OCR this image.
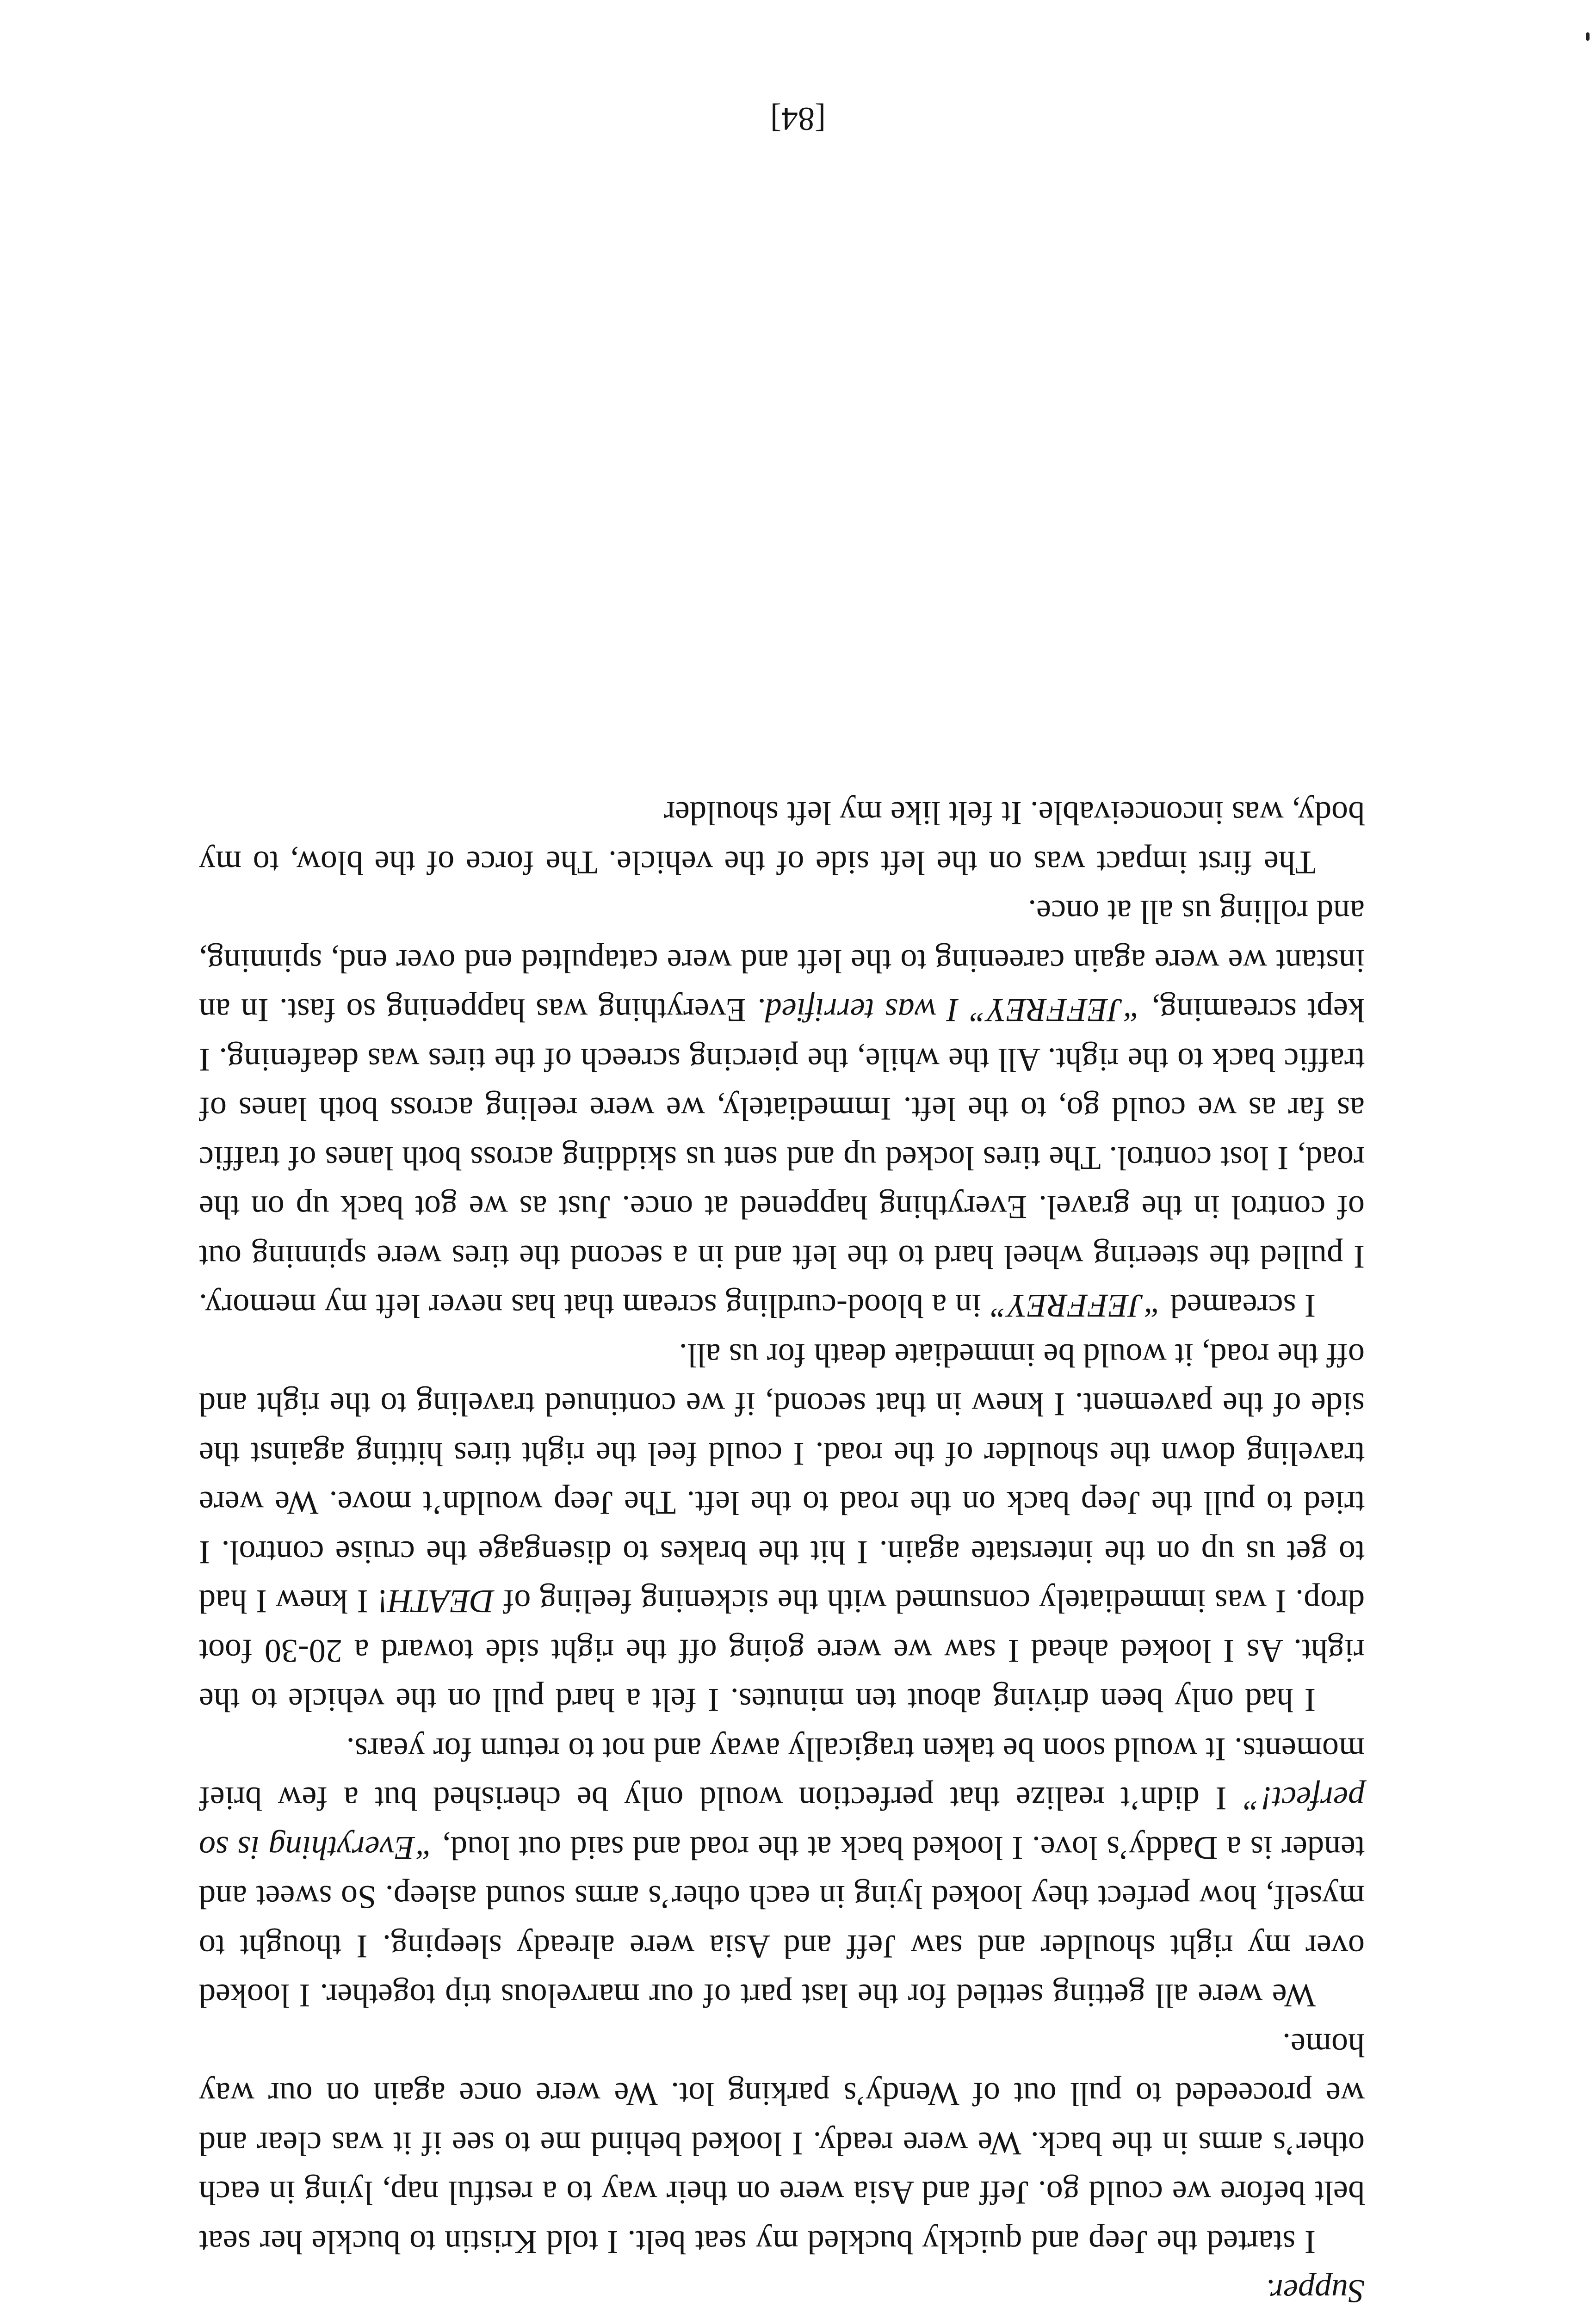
Supper.

I started the Jeep and quickly buckled my seat belt. I told Kristin to buckle her seat belt before we could go. Jeff and Asia were on their way to a restful nap, lying in each other’s arms in the back. We were ready. I looked behind me to see if it was clear and we proceeded to pull out of Wendy’s parking lot. We were once again on our way home.

We were all getting settled for the last part of our marvelous trip together. I looked over my right shoulder and saw Jeff and Asia were already sleeping. I thought to myself, how perfect they looked lying in each other’s arms sound asleep. So sweet and tender is a Daddy’s love. I looked back at the road and said out loud, “Everything is so perfect!” I didn’t realize that perfection would only be cherished but a few brief moments. It would soon be taken tragically away and not to return for years.

I had only been driving about ten minutes. I felt a hard pull on the vehicle to the right. As I looked ahead I saw we were going off the right side toward a 20-30 foot drop. I was immediately consumed with the sickening feeling of DEATH! I knew I had to get us up on the interstate again. I hit the brakes to disengage the cruise control. I tried to pull the Jeep back on the road to the left. The Jeep wouldn’t move. We were traveling down the shoulder of the road. I could feel the right tires hitting against the side of the pavement. I knew in that second, if we continued traveling to the right and off the road, it would be immediate death for us all.

I screamed “JEFFREY” in a blood-curdling scream that has never left my memory. I pulled the steering wheel hard to the left and in a second the tires were spinning out of control in the gravel. Everything happened at once. Just as we got back up on the road, I lost control. The tires locked up and sent us skidding across both lanes of traffic as far as we could go, to the left. Immediately, we were reeling across both lanes of traffic back to the right. All the while, the piercing screech of the tires was deafening. I kept screaming, “JEFFREY” I was terrified. Everything was happening so fast. In an instant we were again careening to the left and were catapulted end over end, spinning, and rolling us all at once.

The first impact was on the left side of the vehicle. The force of the blow, to my body, was inconceivable. It felt like my left shoulder

[84]
